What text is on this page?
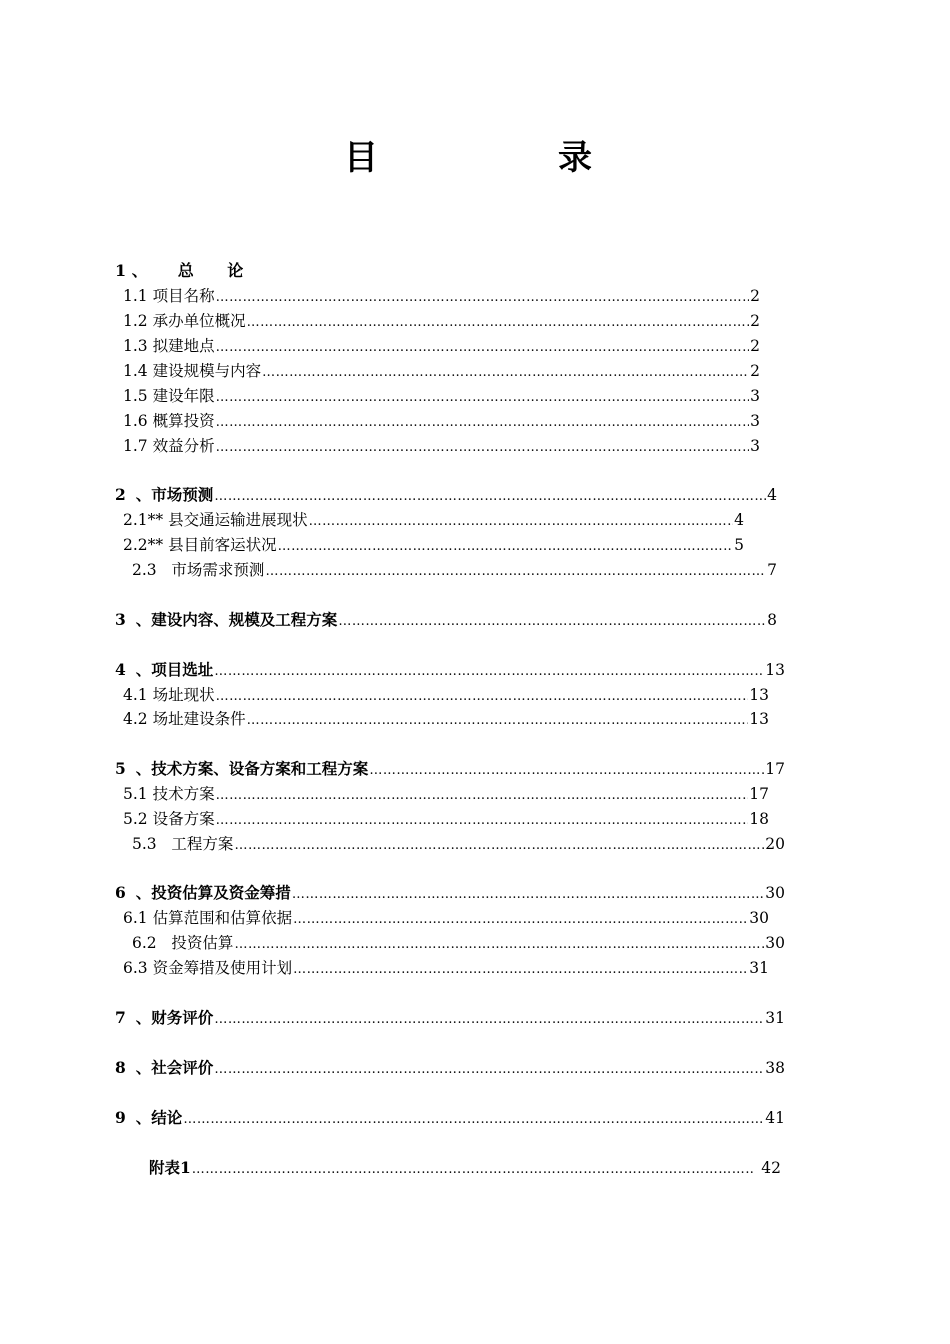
目	录
1 、 总 论
1.1 项目名称 …………………………………………………………………………………………………………………………………………………………………………………………………………………………………………………………………………	2
1.2 承办单位概况 …………………………………………………………………………………………………………………………………………………………………………………………………………………………………………………………………………	2
1.3 拟建地点 …………………………………………………………………………………………………………………………………………………………………………………………………………………………………………………………………………	2
1.4 建设规模与内容 …………………………………………………………………………………………………………………………………………………………………………………………………………………………………………………………………………	2
1.5 建设年限 …………………………………………………………………………………………………………………………………………………………………………………………………………………………………………………………………………	3
1.6 概算投资 …………………………………………………………………………………………………………………………………………………………………………………………………………………………………………………………………………	3
1.7 效益分析 …………………………………………………………………………………………………………………………………………………………………………………………………………………………………………………………………………	3
2 、市场预测 …………………………………………………………………………………………………………………………………………………………………………………………………………………………………………………………………………	4
2.1** 县交通运输进展现状 …………………………………………………………………………………………………………………………………………………………………………………………………………………………………………………………………………	4
2.2** 县目前客运状况 …………………………………………………………………………………………………………………………………………………………………………………………………………………………………………………………………………	5
2.3   市场需求预测 …………………………………………………………………………………………………………………………………………………………………………………………………………………………………………………………………………	7
3 、建设内容、规模及工程方案 …………………………………………………………………………………………………………………………………………………………………………………………………………………………………………………………………………	8
4 、项目选址 …………………………………………………………………………………………………………………………………………………………………………………………………………………………………………………………………………	13
4.1 场址现状 …………………………………………………………………………………………………………………………………………………………………………………………………………………………………………………………………………	13
4.2 场址建设条件 …………………………………………………………………………………………………………………………………………………………………………………………………………………………………………………………………………	13
5 、技术方案、设备方案和工程方案 …………………………………………………………………………………………………………………………………………………………………………………………………………………………………………………………………………	17
5.1 技术方案 …………………………………………………………………………………………………………………………………………………………………………………………………………………………………………………………………………	17
5.2 设备方案 …………………………………………………………………………………………………………………………………………………………………………………………………………………………………………………………………………	18
5.3   工程方案 …………………………………………………………………………………………………………………………………………………………………………………………………………………………………………………………………………	20
6 、投资估算及资金筹措 …………………………………………………………………………………………………………………………………………………………………………………………………………………………………………………………………………	30
6.1 估算范围和估算依据 …………………………………………………………………………………………………………………………………………………………………………………………………………………………………………………………………………	30
6.2   投资估算 …………………………………………………………………………………………………………………………………………………………………………………………………………………………………………………………………………	30
6.3 资金筹措及使用计划 …………………………………………………………………………………………………………………………………………………………………………………………………………………………………………………………………………	31
7 、财务评价 …………………………………………………………………………………………………………………………………………………………………………………………………………………………………………………………………………	31
8 、社会评价 …………………………………………………………………………………………………………………………………………………………………………………………………………………………………………………………………………	38
9 、结论 …………………………………………………………………………………………………………………………………………………………………………………………………………………………………………………………………………	41
附表1 …………………………………………………………………………………………………………………………………………………………………………………………………………………………………………………………………………	42
